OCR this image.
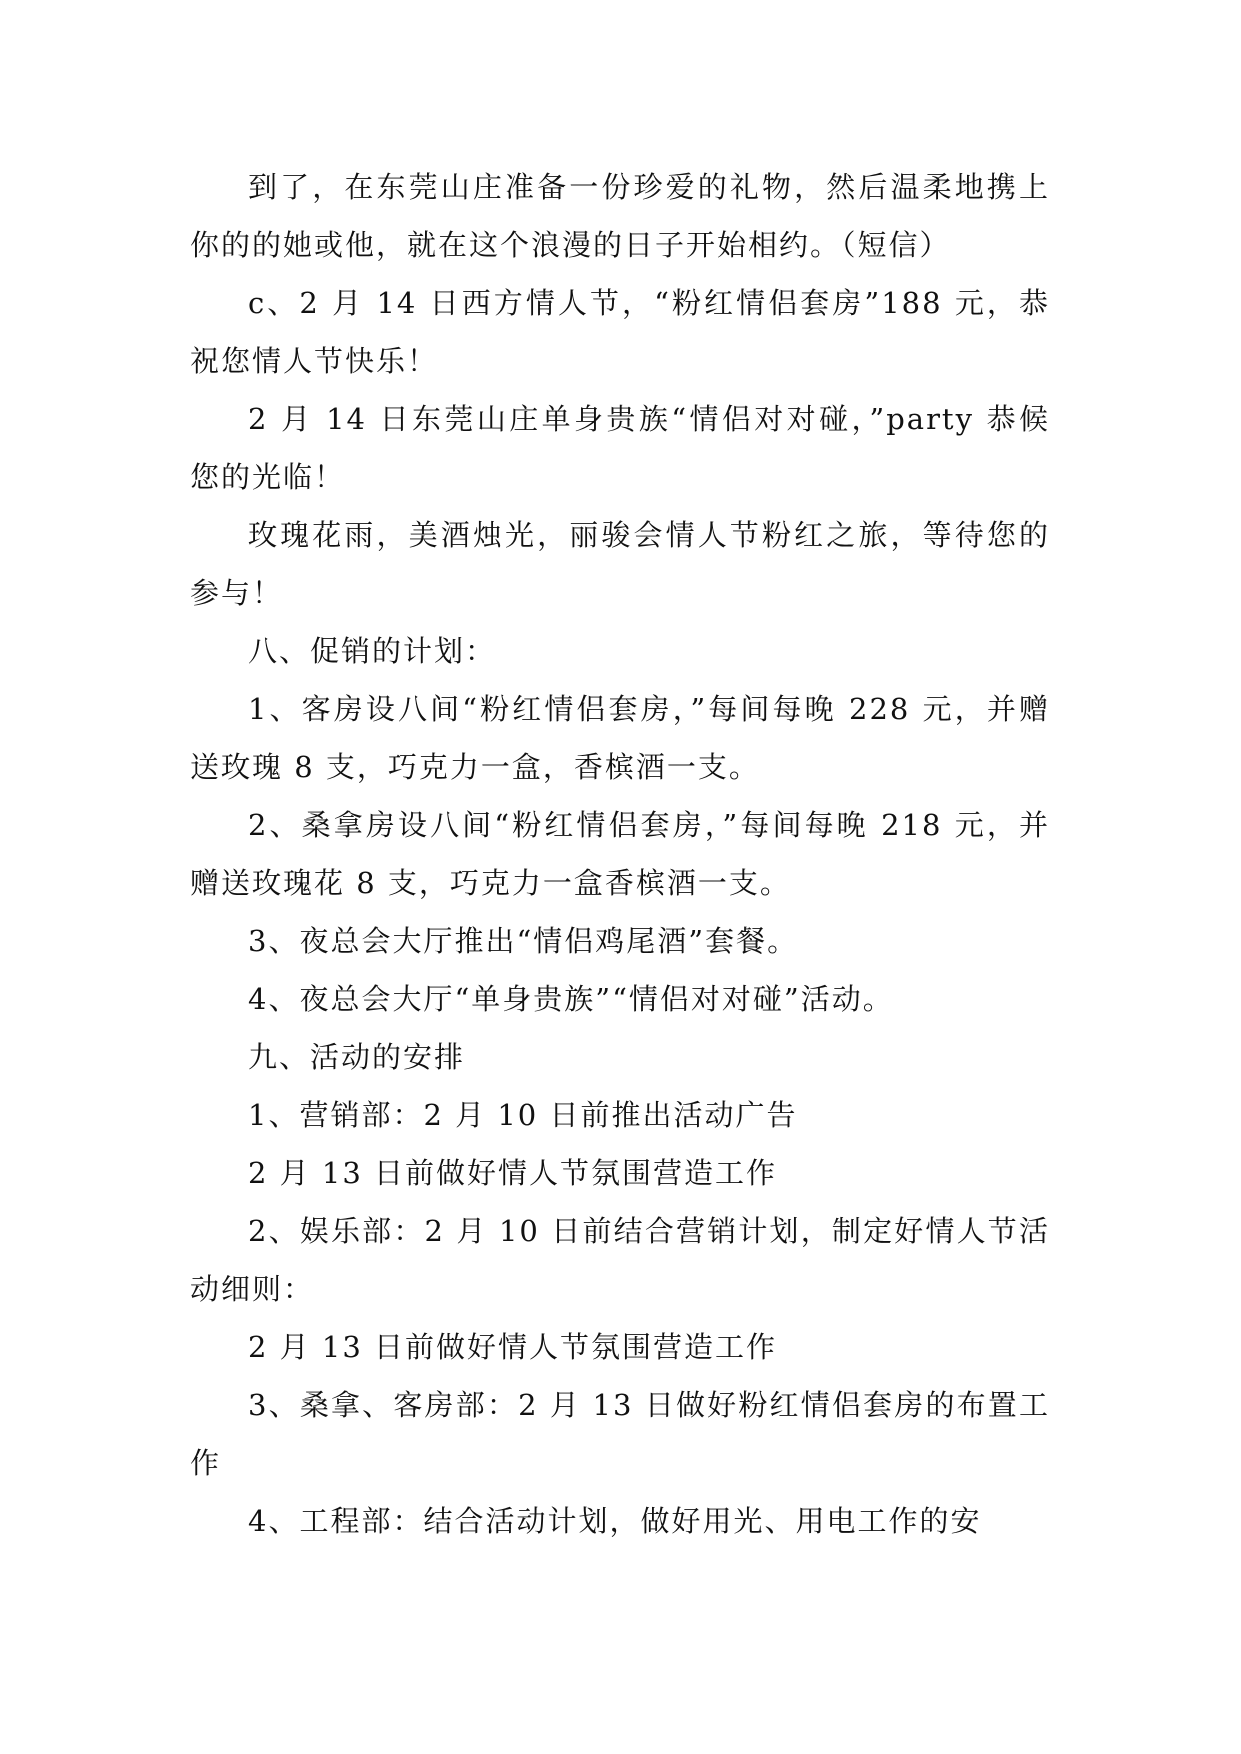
到了，在东莞山庄准备一份珍爱的礼物，然后温柔地携上你的的她或他，就在这个浪漫的日子开始相约。（短信）

c、2 月 14 日西方情人节，“粉红情侣套房”188 元，恭祝您情人节快乐！

2 月 14 日东莞山庄单身贵族“情侣对对碰，”party 恭候您的光临！

玫瑰花雨，美酒烛光，丽骏会情人节粉红之旅，等待您的参与！

八、促销的计划：

1、客房设八间“粉红情侣套房，”每间每晚 228 元，并赠送玫瑰 8 支，巧克力一盒，香槟酒一支。

2、桑拿房设八间“粉红情侣套房，”每间每晚 218 元，并赠送玫瑰花 8 支，巧克力一盒香槟酒一支。

3、夜总会大厅推出“情侣鸡尾酒”套餐。

4、夜总会大厅“单身贵族”“情侣对对碰”活动。

九、活动的安排

1、营销部：2 月 10 日前推出活动广告

2 月 13 日前做好情人节氛围营造工作

2、娱乐部：2 月 10 日前结合营销计划，制定好情人节活动细则：

2 月 13 日前做好情人节氛围营造工作

3、桑拿、客房部：2 月 13 日做好粉红情侣套房的布置工作

4、工程部：结合活动计划，做好用光、用电工作的安
